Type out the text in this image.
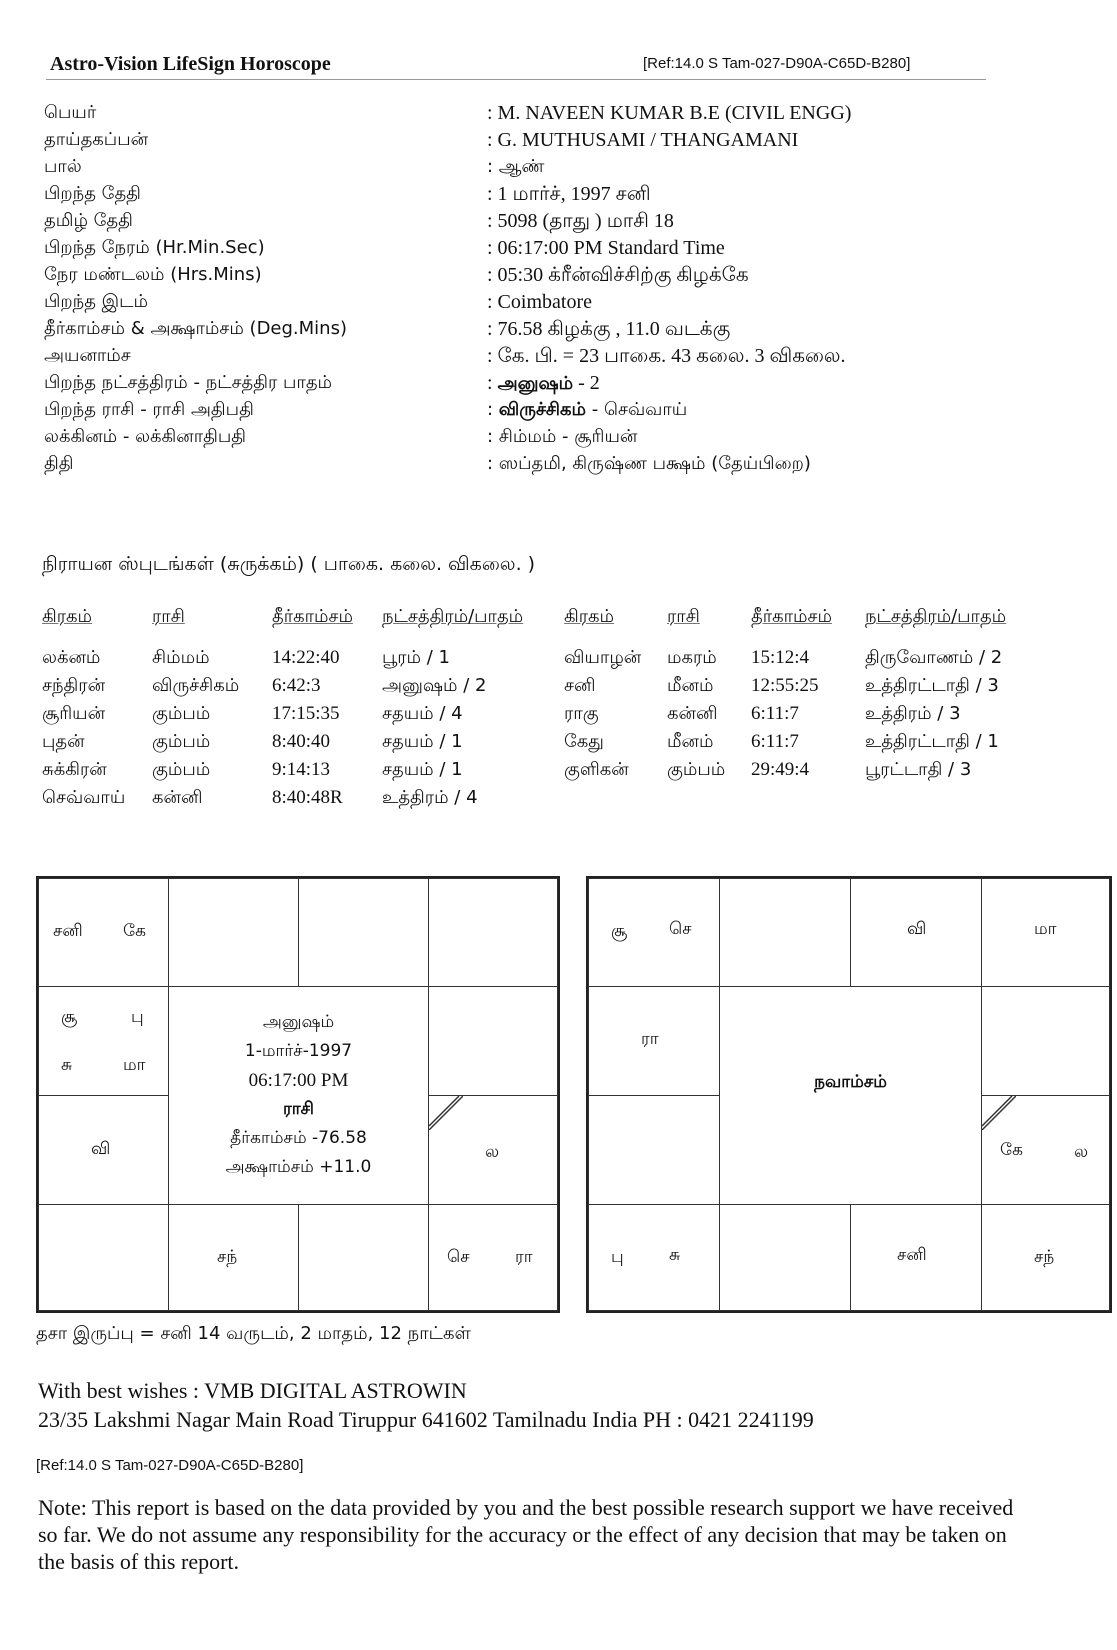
Astro-Vision LifeSign Horoscope	[Ref:14.0 S Tam-027-D90A-C65D-B280]
பெயர்	: M. NAVEEN KUMAR B.E (CIVIL ENGG)
தாய்தகப்பன்	: G. MUTHUSAMI / THANGAMANI
பால்	: ஆண்
பிறந்த தேதி	: 1 மார்ச், 1997 சனி
தமிழ் தேதி	: 5098 (தாது ) மாசி 18
பிறந்த நேரம் (Hr.Min.Sec)	: 06:17:00 PM Standard Time
நேர மண்டலம் (Hrs.Mins)	: 05:30 க்ரீன்விச்சிற்கு கிழக்கே
பிறந்த இடம்	: Coimbatore
தீர்காம்சம் & அக்ஷாம்சம் (Deg.Mins)	: 76.58 கிழக்கு , 11.0 வடக்கு
அயனாம்ச	: கே. பி. = 23 பாகை. 43 கலை. 3 விகலை.
பிறந்த நட்சத்திரம் - நட்சத்திர பாதம்	: அனுஷம் - 2
பிறந்த ராசி - ராசி அதிபதி	: விருச்சிகம் - செவ்வாய்
லக்கினம் - லக்கினாதிபதி	: சிம்மம் - சூரியன்
திதி	: ஸப்தமி, கிருஷ்ண பக்ஷம் (தேய்பிறை)
நிராயன ஸ்புடங்கள் (சுருக்கம்) ( பாகை. கலை. விகலை. )
கிரகம்	ராசி	தீர்காம்சம்	நட்சத்திரம்/பாதம்	கிரகம்	ராசி	தீர்காம்சம்	நட்சத்திரம்/பாதம்

லக்னம்	சிம்மம்	14:22:40	பூரம் / 1	வியாழன்	மகரம்	15:12:4	திருவோணம் / 2
சந்திரன்	விருச்சிகம்	6:42:3	அனுஷம் / 2	சனி	மீனம்	12:55:25	உத்திரட்டாதி / 3
சூரியன்	கும்பம்	17:15:35	சதயம் / 4	ராகு	கன்னி	6:11:7	உத்திரம் / 3
புதன்	கும்பம்	8:40:40	சதயம் / 1	கேது	மீனம்	6:11:7	உத்திரட்டாதி / 1
சுக்கிரன்	கும்பம்	9:14:13	சதயம் / 1	குளிகன்	கும்பம்	29:49:4	பூரட்டாதி / 3
செவ்வாய்	கன்னி	8:40:48R	உத்திரம் / 4				
சனி கே
சூ	பு
சு	மா
வி	ல
அனுஷம்
1-மார்ச்-1997
06:17:00 PM
ராசி
தீர்காம்சம் -76.58
அக்ஷாம்சம் +11.0
சந்	செ	ரா
சூ செ	வி	மா
ரா
கே	ல
நவாம்சம்
பு	சு	சனி	சந்
தசா இருப்பு = சனி 14 வருடம், 2 மாதம், 12 நாட்கள்
With best wishes : VMB DIGITAL ASTROWIN
23/35 Lakshmi Nagar Main Road Tiruppur 641602 Tamilnadu India PH : 0421 2241199
[Ref:14.0 S Tam-027-D90A-C65D-B280]
Note: This report is based on the data provided by you and the best possible research support we have received so far. We do not assume any responsibility for the accuracy or the effect of any decision that may be taken on the basis of this report.
